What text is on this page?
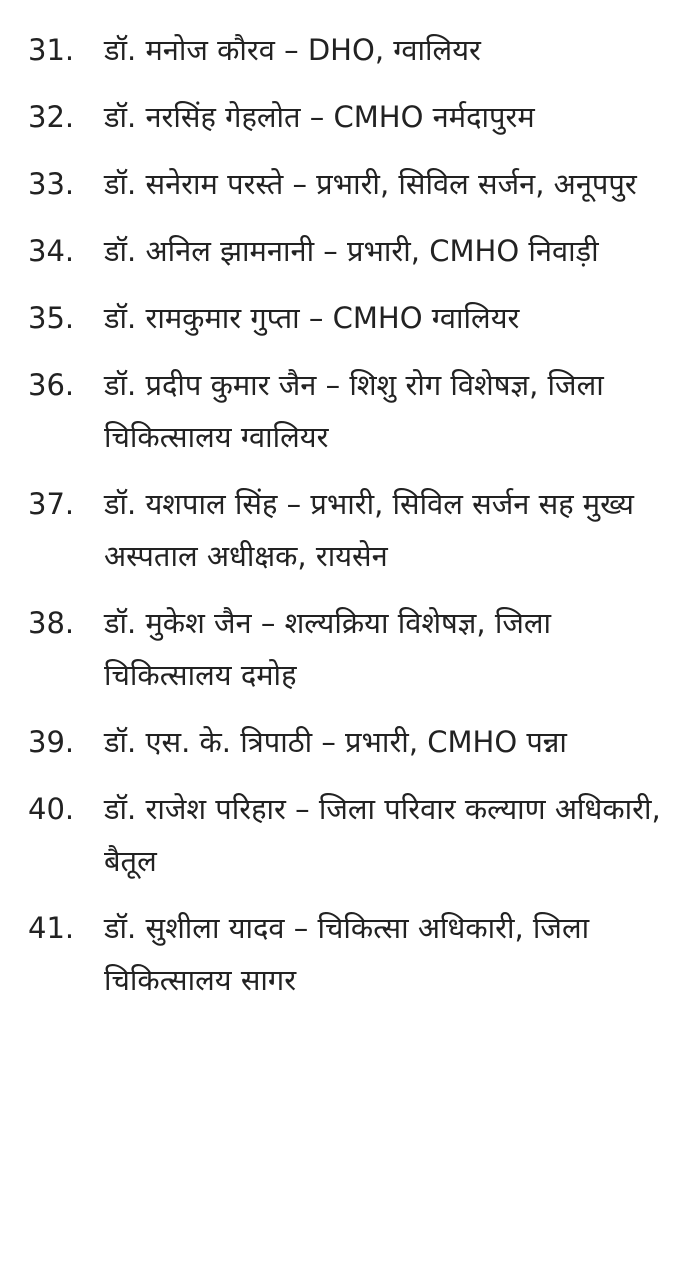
31. डॉ. मनोज कौरव – DHO, ग्वालियर
32. डॉ. नरसिंह गेहलोत – CMHO नर्मदापुरम
33. डॉ. सनेराम परस्ते – प्रभारी, सिविल सर्जन, अनूपपुर
34. डॉ. अनिल झामनानी – प्रभारी, CMHO निवाड़ी
35. डॉ. रामकुमार गुप्ता – CMHO ग्वालियर
36. डॉ. प्रदीप कुमार जैन – शिशु रोग विशेषज्ञ, जिला चिकित्सालय ग्वालियर
37. डॉ. यशपाल सिंह – प्रभारी, सिविल सर्जन सह मुख्य अस्पताल अधीक्षक, रायसेन
38. डॉ. मुकेश जैन – शल्यक्रिया विशेषज्ञ, जिला चिकित्सालय दमोह
39. डॉ. एस. के. त्रिपाठी – प्रभारी, CMHO पन्ना
40. डॉ. राजेश परिहार – जिला परिवार कल्याण अधिकारी, बैतूल
41. डॉ. सुशीला यादव – चिकित्सा अधिकारी, जिला चिकित्सालय सागर
